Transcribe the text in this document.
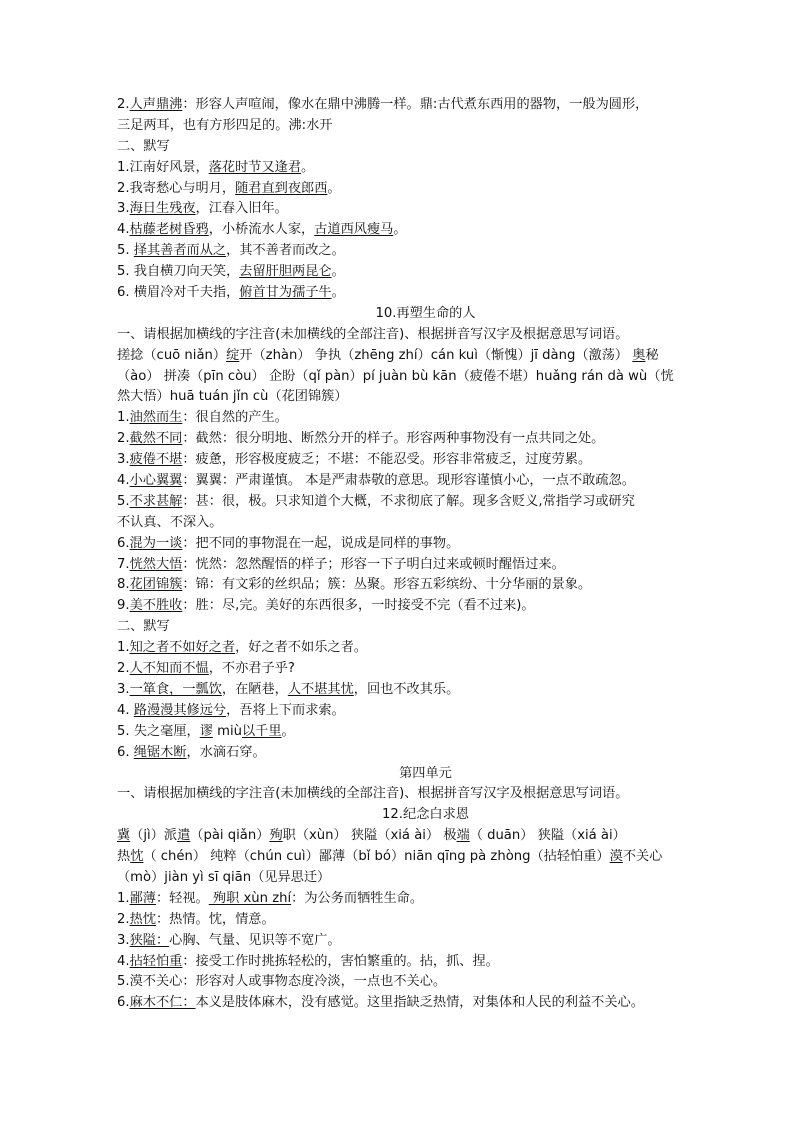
2.人声鼎沸：形容人声喧闹，像水在鼎中沸腾一样。鼎:古代煮东西用的器物，一般为圆形，
三足两耳，也有方形四足的。沸:水开
二、默写
1.江南好风景，落花时节又逢君。
2.我寄愁心与明月，随君直到夜郎西。
3.海日生残夜，江春入旧年。
4.枯藤老树昏鸦，小桥流水人家，古道西风瘦马。
5. 择其善者而从之，其不善者而改之。
5. 我自横刀向天笑，去留肝胆两昆仑。
6. 横眉冷对千夫指，俯首甘为孺子牛。
10.再塑生命的人
一、请根据加横线的字注音(未加横线的全部注音)、根据拼音写汉字及根据意思写词语。
搓捻（cuō niǎn）绽开（zhàn） 争执（zhēng zhí）cán kuì（惭愧）jī dàng（激荡） 奥秘
（ào） 拼凑（pīn còu） 企盼（qǐ pàn）pí juàn bù kān（疲倦不堪）huǎng rán dà wù（恍
然大悟）huā tuán jǐn cù（花团锦簇）
1.油然而生：很自然的产生。
2.截然不同：截然：很分明地、断然分开的样子。形容两种事物没有一点共同之处。
3.疲倦不堪：疲惫，形容极度疲乏；不堪：不能忍受。形容非常疲乏，过度劳累。
4.小心翼翼：翼翼：严肃谨慎。 本是严肃恭敬的意思。现形容谨慎小心，一点不敢疏忽。
5.不求甚解：甚：很，极。只求知道个大概，不求彻底了解。现多含贬义,常指学习或研究
不认真、不深入。
6.混为一谈：把不同的事物混在一起，说成是同样的事物。
7.恍然大悟：恍然：忽然醒悟的样子；形容一下子明白过来或顿时醒悟过来。
8.花团锦簇：锦：有文彩的丝织品；簇：丛聚。形容五彩缤纷、十分华丽的景象。
9.美不胜收：胜：尽,完。美好的东西很多，一时接受不完（看不过来)。
二、默写
1.知之者不如好之者，好之者不如乐之者。
2.人不知而不愠，不亦君子乎?
3.一箪食，一瓢饮，在陋巷，人不堪其忧，回也不改其乐。
4. 路漫漫其修远兮，吾将上下而求索。
5. 失之毫厘，谬 miù以千里。
6. 绳锯木断，水滴石穿。
第四单元
一、请根据加横线的字注音(未加横线的全部注音)、根据拼音写汉字及根据意思写词语。
12.纪念白求恩
冀（jì）派遣（pài qiǎn）殉职（xùn） 狭隘（xiá ài） 极端（ duān） 狭隘（xiá ài）
热忱（ chén） 纯粹（chún cuì）鄙薄（bǐ bó）niān qīng pà zhòng（拈轻怕重）漠不关心
（mò）jiàn yì sī qiān（见异思迁）
1.鄙薄：轻视。 殉职 xùn zhí：为公务而牺牲生命。
2.热忱：热情。忱，情意。
3.狭隘：心胸、气量、见识等不宽广。
4.拈轻怕重：接受工作时挑拣轻松的，害怕繁重的。拈，抓、捏。
5.漠不关心：形容对人或事物态度冷淡，一点也不关心。
6.麻木不仁：本义是肢体麻木，没有感觉。这里指缺乏热情，对集体和人民的利益不关心。
